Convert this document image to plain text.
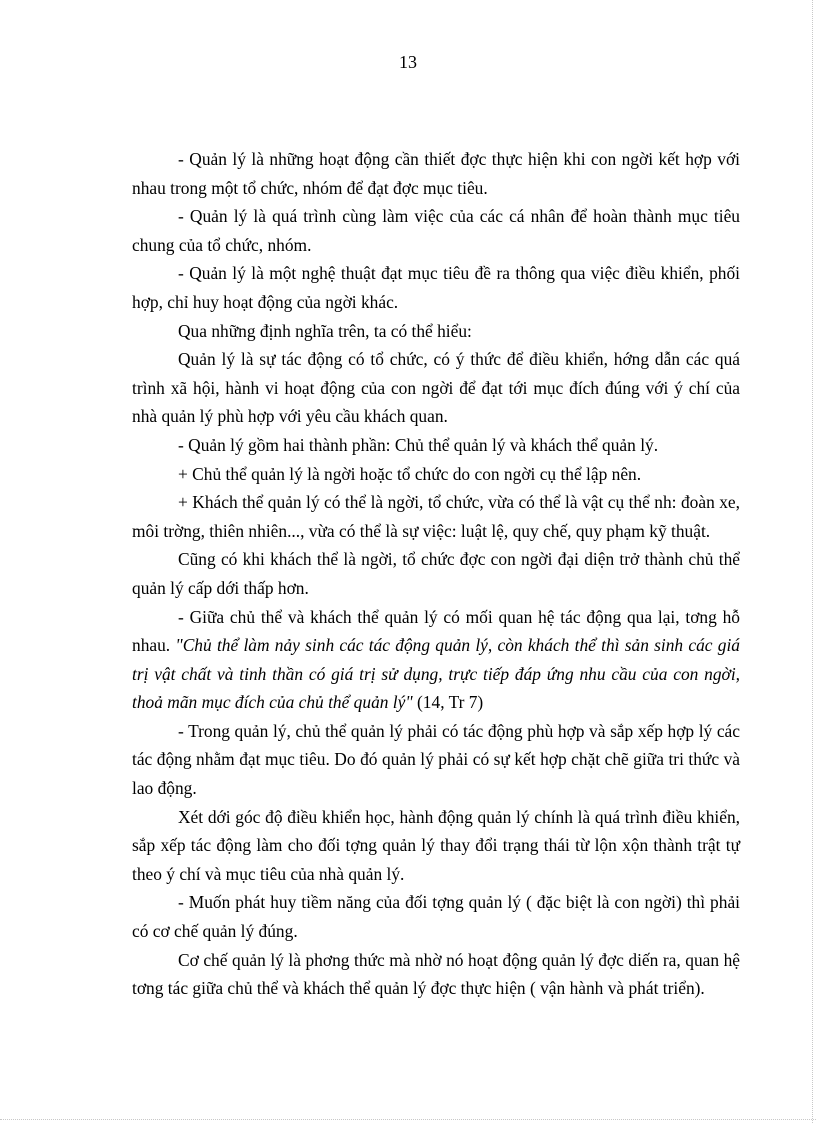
13

- Quản lý là những hoạt động cần thiết đợc thực hiện khi con ngời kết hợp với nhau trong một tổ chức, nhóm để đạt đợc mục tiêu.

- Quản lý là quá trình cùng làm việc của các cá nhân để hoàn thành mục tiêu chung của tổ chức, nhóm.

- Quản lý là một nghệ thuật đạt mục tiêu đề ra thông qua việc điều khiển, phối hợp, chỉ huy hoạt động của ngời khác.

Qua những định nghĩa trên, ta có thể hiểu:

Quản lý là sự tác động có tổ chức, có ý thức để điều khiển, hớng dẫn các quá trình xã hội, hành vi hoạt động của con ngời để đạt tới mục đích đúng với ý chí của nhà quản lý phù hợp với yêu cầu khách quan.

- Quản lý gồm hai thành phần: Chủ thể quản lý và khách thể quản lý.

+ Chủ thể quản lý là ngời hoặc tổ chức do con ngời cụ thể lập nên.

+ Khách thể quản lý có thể là ngời, tổ chức, vừa có thể là vật cụ thể nh: đoàn xe, môi trờng, thiên nhiên..., vừa có thể là sự việc: luật lệ, quy chế, quy phạm kỹ thuật.

Cũng có khi khách thể là ngời, tổ chức đợc con ngời đại diện trở thành chủ thể quản lý cấp dới thấp hơn.

- Giữa chủ thể và khách thể quản lý có mối quan hệ tác động qua lại, tơng hỗ nhau. "Chủ thể làm nảy sinh các tác động quản lý, còn khách thể thì sản sinh các giá trị vật chất và tinh thần có giá trị sử dụng, trực tiếp đáp ứng nhu cầu của con ngời, thoả mãn mục đích của chủ thể quản lý" (14, Tr 7)

- Trong quản lý, chủ thể quản lý phải có tác động phù hợp và sắp xếp hợp lý các tác động nhằm đạt mục tiêu. Do đó quản lý phải có sự kết hợp chặt chẽ giữa tri thức và lao động.

Xét dới góc độ điều khiển học, hành động quản lý chính là quá trình điều khiển, sắp xếp tác động làm cho đối tợng quản lý thay đổi trạng thái từ lộn xộn thành trật tự theo ý chí và mục tiêu của nhà quản lý.

- Muốn phát huy tiềm năng của đối tợng quản lý ( đặc biệt là con ngời) thì phải có cơ chế quản lý đúng.

Cơ chế quản lý là phơng thức mà nhờ nó hoạt động quản lý đợc diến ra, quan hệ tơng tác giữa chủ thể và khách thể quản lý đợc thực hiện ( vận hành và phát triển).
